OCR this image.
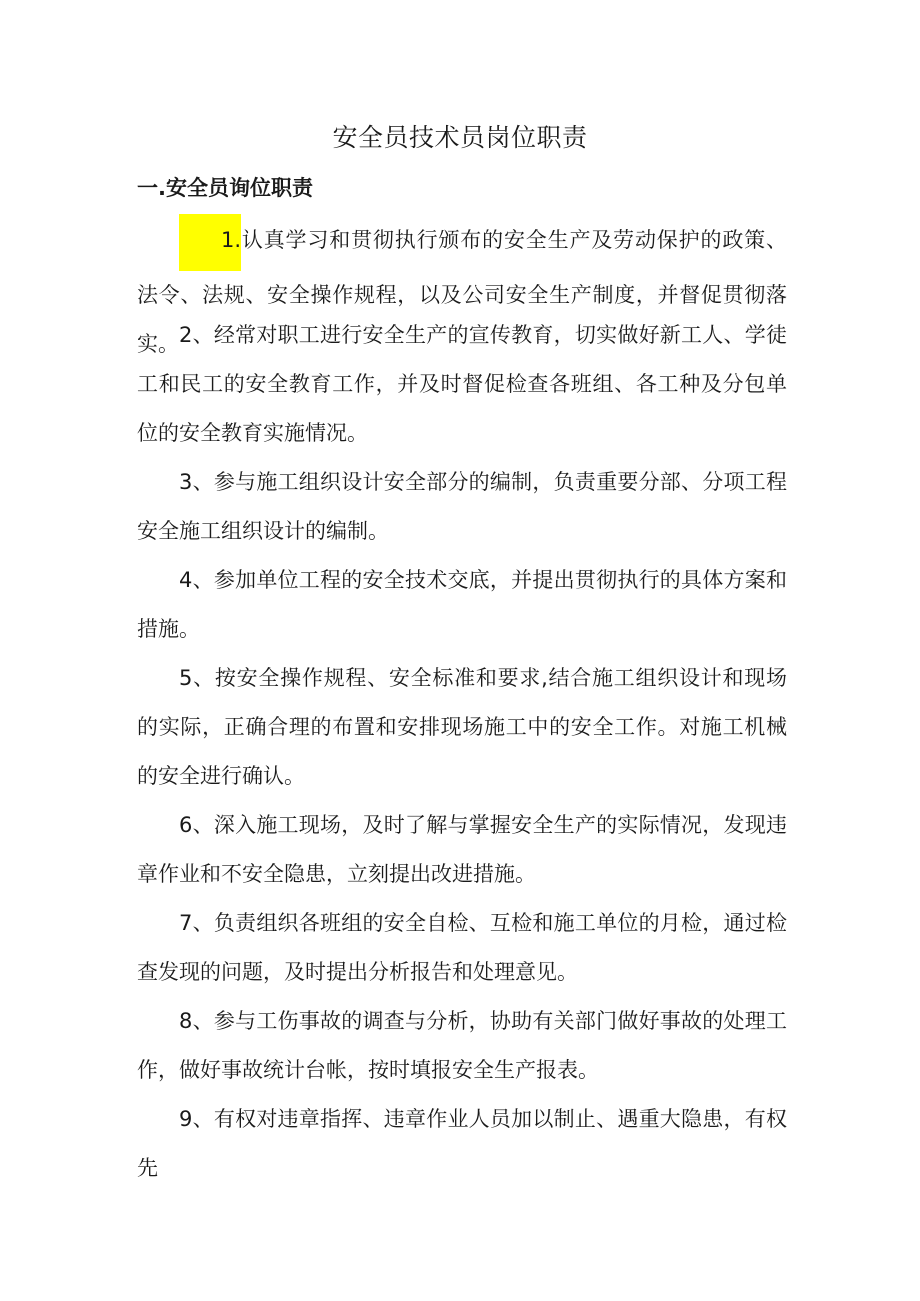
安全员技术员岗位职责
一.安全员询位职责

1.认真学习和贯彻执行颁布的安全生产及劳动保护的政策、法令、法规、安全操作规程，以及公司安全生产制度，并督促贯彻落实。 2、经常对职工进行安全生产的宣传教育，切实做好新工人、学徒工和民工的安全教育工作，并及时督促检查各班组、各工种及分包单位的安全教育实施情况。

3、参与施工组织设计安全部分的编制，负责重要分部、分项工程安全施工组织设计的编制。

4、参加单位工程的安全技术交底，并提出贯彻执行的具体方案和措施。

5、按安全操作规程、安全标准和要求,结合施工组织设计和现场的实际，正确合理的布置和安排现场施工中的安全工作。对施工机械的安全进行确认。

6、深入施工现场，及时了解与掌握安全生产的实际情况，发现违章作业和不安全隐患，立刻提出改进措施。

7、负责组织各班组的安全自检、互检和施工单位的月检，通过检查发现的问题，及时提出分析报告和处理意见。

8、参与工伤事故的调查与分析，协助有关部门做好事故的处理工作，做好事故统计台帐，按时填报安全生产报表。

9、有权对违章指挥、违章作业人员加以制止、遇重大隐患，有权先
